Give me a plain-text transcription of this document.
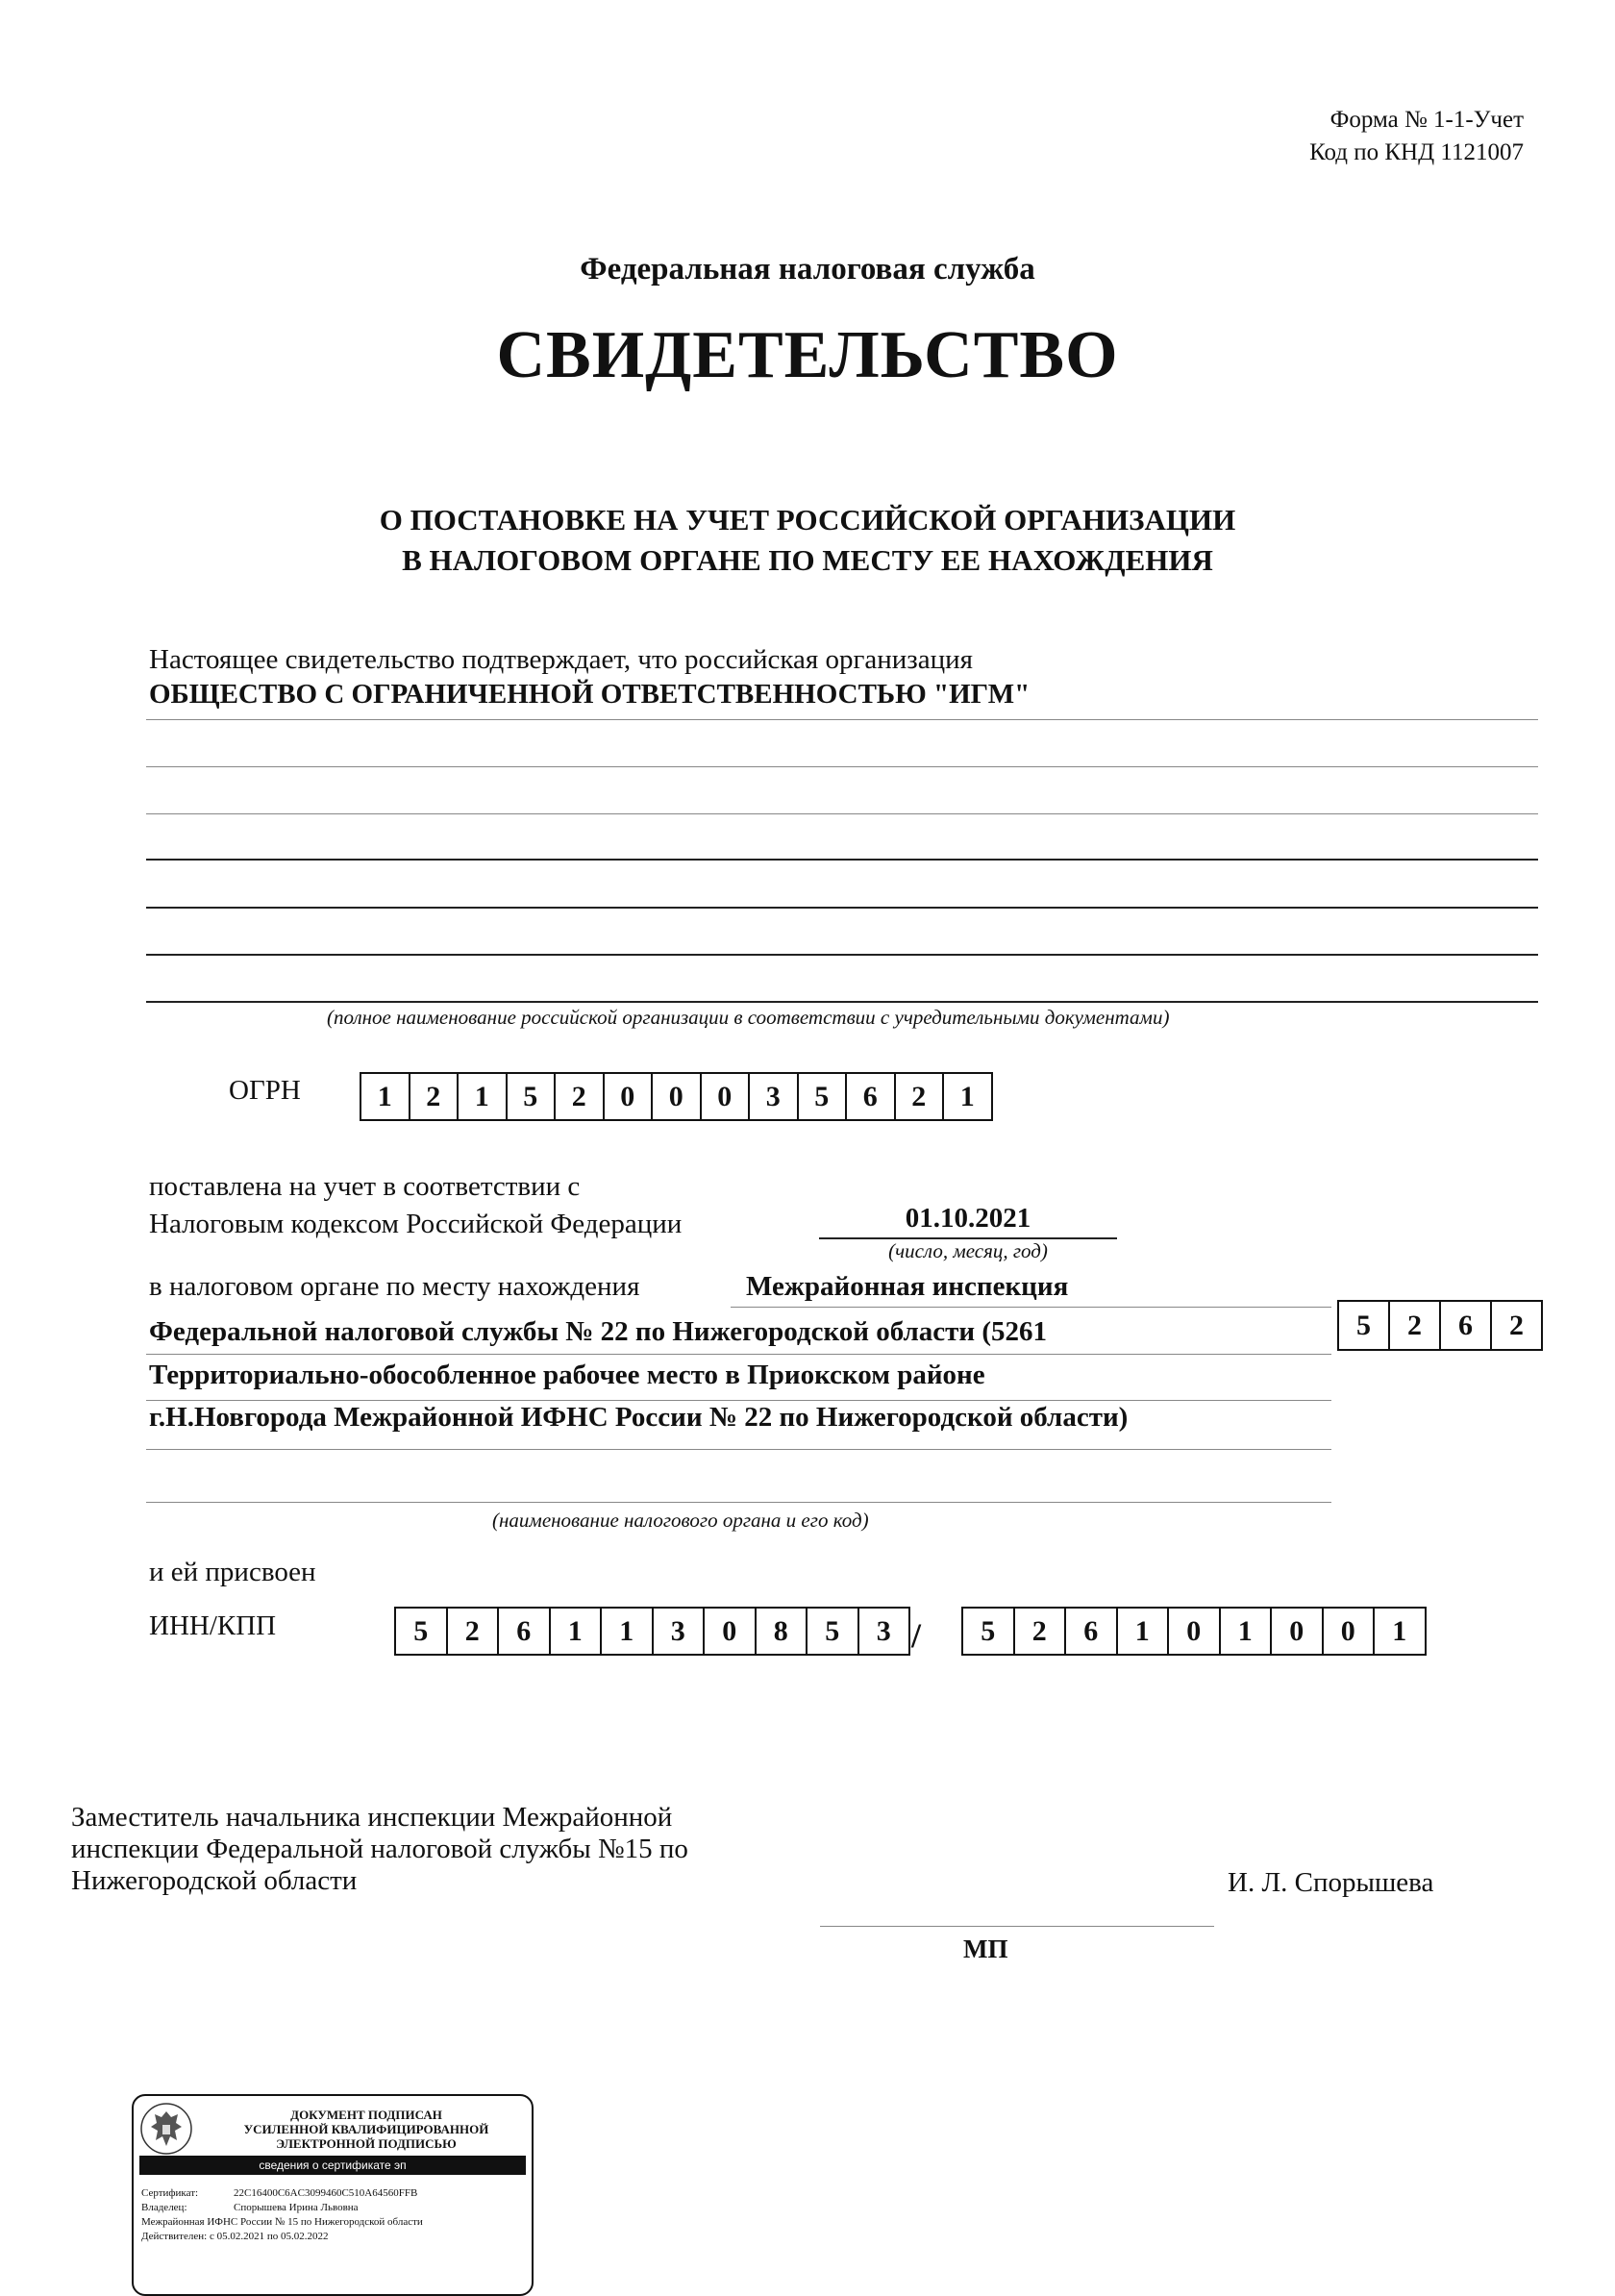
Форма № 1-1-Учет
Код по КНД 1121007
Федеральная налоговая служба
СВИДЕТЕЛЬСТВО
О ПОСТАНОВКЕ НА УЧЕТ РОССИЙСКОЙ ОРГАНИЗАЦИИ
В НАЛОГОВОМ ОРГАНЕ ПО МЕСТУ ЕЕ НАХОЖДЕНИЯ
Настоящее свидетельство подтверждает, что российская организация
ОБЩЕСТВО С ОГРАНИЧЕННОЙ ОТВЕТСТВЕННОСТЬЮ "ИГМ"
(полное наименование российской организации в соответствии с учредительными документами)
ОГРН	1	2	1	5	2	0	0	0	3	5	6	2	1
поставлена на учет в соответствии с
Налоговым кодексом Российской Федерации	01.10.2021
(число, месяц, год)
в налоговом органе по месту нахождения	Межрайонная инспекция
Федеральной налоговой службы № 22 по Нижегородской области (5261
Территориально-обособленное рабочее место в Приокском районе
г.Н.Новгорода Межрайонной ИФНС России № 22 по Нижегородской области)
(наименование налогового органа и его код)
5	2	6	2
и ей присвоен
ИНН/КПП	5	2	6	1	1	3	0	8	5	3 /	5	2	6	1	0	1	0	0	1
Заместитель начальника инспекции Межрайонной
инспекции Федеральной налоговой службы №15 по
Нижегородской области	И. Л. Спорышева
МП
ДОКУМЕНТ ПОДПИСАН
УСИЛЕННОЙ КВАЛИФИЦИРОВАННОЙ
ЭЛЕКТРОННОЙ ПОДПИСЬЮ
сведения о сертификате эп
Сертификат:	22C16400C6AC3099460C510A64560FFB
Владелец:	Спорышева Ирина Львовна
Межрайонная ИФНС России № 15 по Нижегородской области
Действителен: с 05.02.2021 по 05.02.2022
